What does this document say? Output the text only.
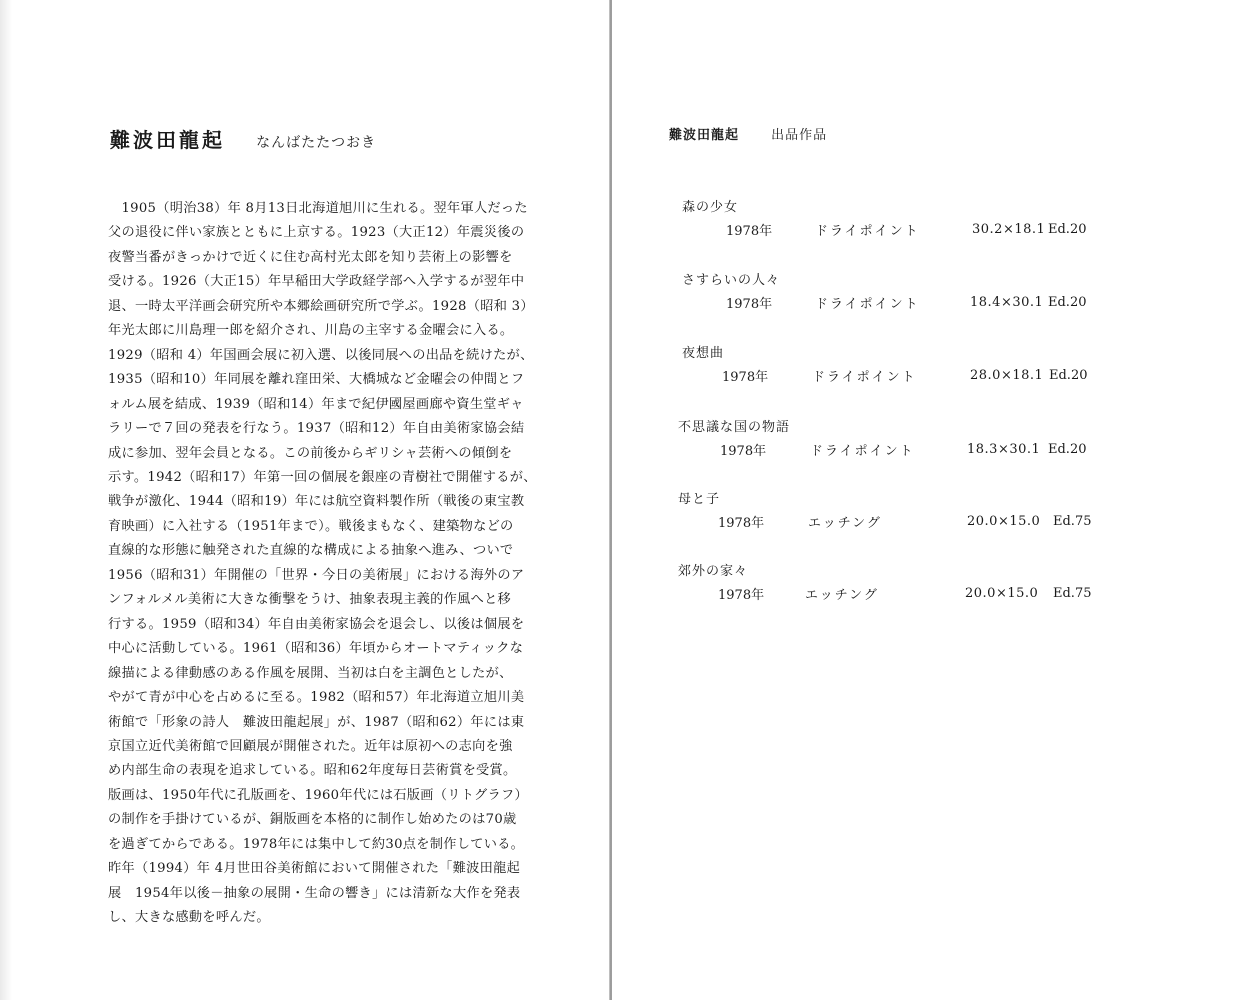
難波田龍起 なんばたたつおき
　1905（明治38）年 8月13日北海道旭川に生れる。翌年軍人だった
父の退役に伴い家族とともに上京する。1923（大正12）年震災後の
夜警当番がきっかけで近くに住む高村光太郎を知り芸術上の影響を
受ける。1926（大正15）年早稲田大学政経学部へ入学するが翌年中
退、一時太平洋画会研究所や本郷絵画研究所で学ぶ。1928（昭和 3）
年光太郎に川島理一郎を紹介され、川島の主宰する金曜会に入る。
1929（昭和 4）年国画会展に初入選、以後同展への出品を続けたが、
1935（昭和10）年同展を離れ窪田栄、大橋城など金曜会の仲間とフ
ォルム展を結成、1939（昭和14）年まで紀伊國屋画廊や資生堂ギャ
ラリーで７回の発表を行なう。1937（昭和12）年自由美術家協会結
成に参加、翌年会員となる。この前後からギリシャ芸術への傾倒を
示す。1942（昭和17）年第一回の個展を銀座の青樹社で開催するが、
戦争が激化、1944（昭和19）年には航空資料製作所（戦後の東宝教
育映画）に入社する（1951年まで）。戦後まもなく、建築物などの
直線的な形態に触発された直線的な構成による抽象へ進み、ついで
1956（昭和31）年開催の「世界・今日の美術展」における海外のア
ンフォルメル美術に大きな衝撃をうけ、抽象表現主義的作風へと移
行する。1959（昭和34）年自由美術家協会を退会し、以後は個展を
中心に活動している。1961（昭和36）年頃からオートマティックな
線描による律動感のある作風を展開、当初は白を主調色としたが、
やがて青が中心を占めるに至る。1982（昭和57）年北海道立旭川美
術館で「形象の詩人　難波田龍起展」が、1987（昭和62）年には東
京国立近代美術館で回顧展が開催された。近年は原初への志向を強
め内部生命の表現を追求している。昭和62年度毎日芸術賞を受賞。
版画は、1950年代に孔版画を、1960年代には石版画（リトグラフ）
の制作を手掛けているが、銅版画を本格的に制作し始めたのは70歳
を過ぎてからである。1978年には集中して約30点を制作している。
昨年（1994）年 4月世田谷美術館において開催された「難波田龍起
展　1954年以後－抽象の展開・生命の響き」には清新な大作を発表
し、大きな感動を呼んだ。
難波田龍起 出品作品
森の少女
1978年	ドライポイント	30.2×18.1 Ed.20
さすらいの人々
1978年	ドライポイント	18.4×30.1 Ed.20
夜想曲
1978年	ドライポイント	28.0×18.1 Ed.20
不思議な国の物語
1978年	ドライポイント	18.3×30.1 Ed.20
母と子
1978年	エッチング	20.0×15.0 Ed.75
郊外の家々
1978年	エッチング	20.0×15.0 Ed.75
